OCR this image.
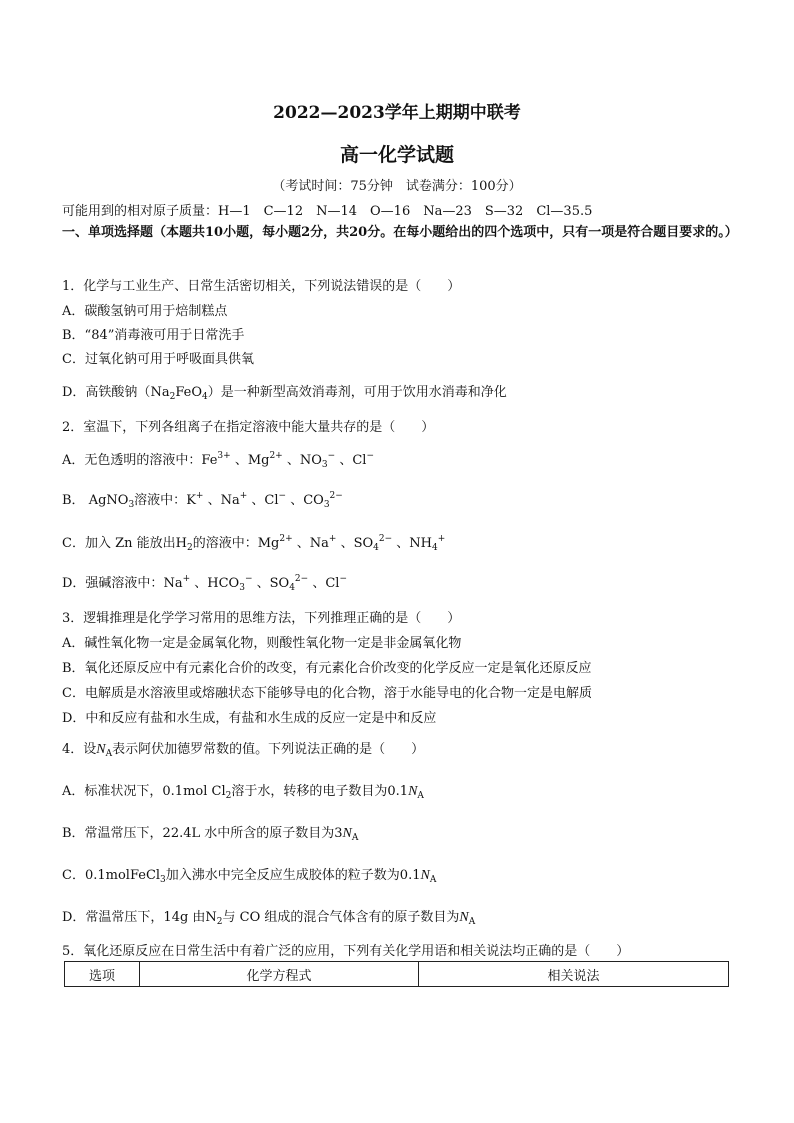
2022—2023学年上期期中联考
高一化学试题
（考试时间：75分钟　试卷满分：100分）
可能用到的相对原子质量：H—1　C—12　N—14　O—16　Na—23　S—32　Cl—35.5
一、单项选择题（本题共10小题，每小题2分，共20分。在每小题给出的四个选项中，只有一项是符合题目要求的。）
1．化学与工业生产、日常生活密切相关，下列说法错误的是（　　）
A．碳酸氢钠可用于焙制糕点
B．“84”消毒液可用于日常洗手
C．过氧化钠可用于呼吸面具供氧
D．高铁酸钠$(Na_2FeO_4)$是一种新型高效消毒剂，可用于饮用水消毒和净化
2．室温下，下列各组离子在指定溶液中能大量共存的是（　　）
A．无色透明的溶液中：$Fe^{3+}$ 、$Mg^{2+}$ 、$NO_3^-$ 、Cl−
B． AgNO$_3$溶液中：K+ 、Na+ 、Cl− 、$CO_3^{2-}$
C．加入 Zn 能放出$H_2$的溶液中：$Mg^{2+}$ 、Na+ 、$SO_4^{2-}$ 、$NH_4^+$
D．强碱溶液中：Na+ 、$HCO_3^-$ 、$SO_4^{2-}$ 、Cl−
3．逻辑推理是化学学习常用的思维方法，下列推理正确的是（　　）
A．碱性氧化物一定是金属氧化物，则酸性氧化物一定是非金属氧化物
B．氧化还原反应中有元素化合价的改变，有元素化合价改变的化学反应一定是氧化还原反应
C．电解质是水溶液里或熔融状态下能够导电的化合物，溶于水能导电的化合物一定是电解质
D．中和反应有盐和水生成，有盐和水生成的反应一定是中和反应
4．设$N_A$表示阿伏加德罗常数的值。下列说法正确的是（　　）
A．标准状况下，0.1mol $Cl_2$溶于水，转移的电子数目为$0.1N_A$
B．常温常压下，22.4L 水中所含的原子数目为$3N_A$
C．0.1molFeCl$_3$加入沸水中完全反应生成胶体的粒子数为$0.1N_A$
D．常温常压下，14g 由$N_2$与 CO 组成的混合气体含有的原子数目为$N_A$
5．氧化还原反应在日常生活中有着广泛的应用，下列有关化学用语和相关说法均正确的是（　　）
选项	化学方程式	相关说法
